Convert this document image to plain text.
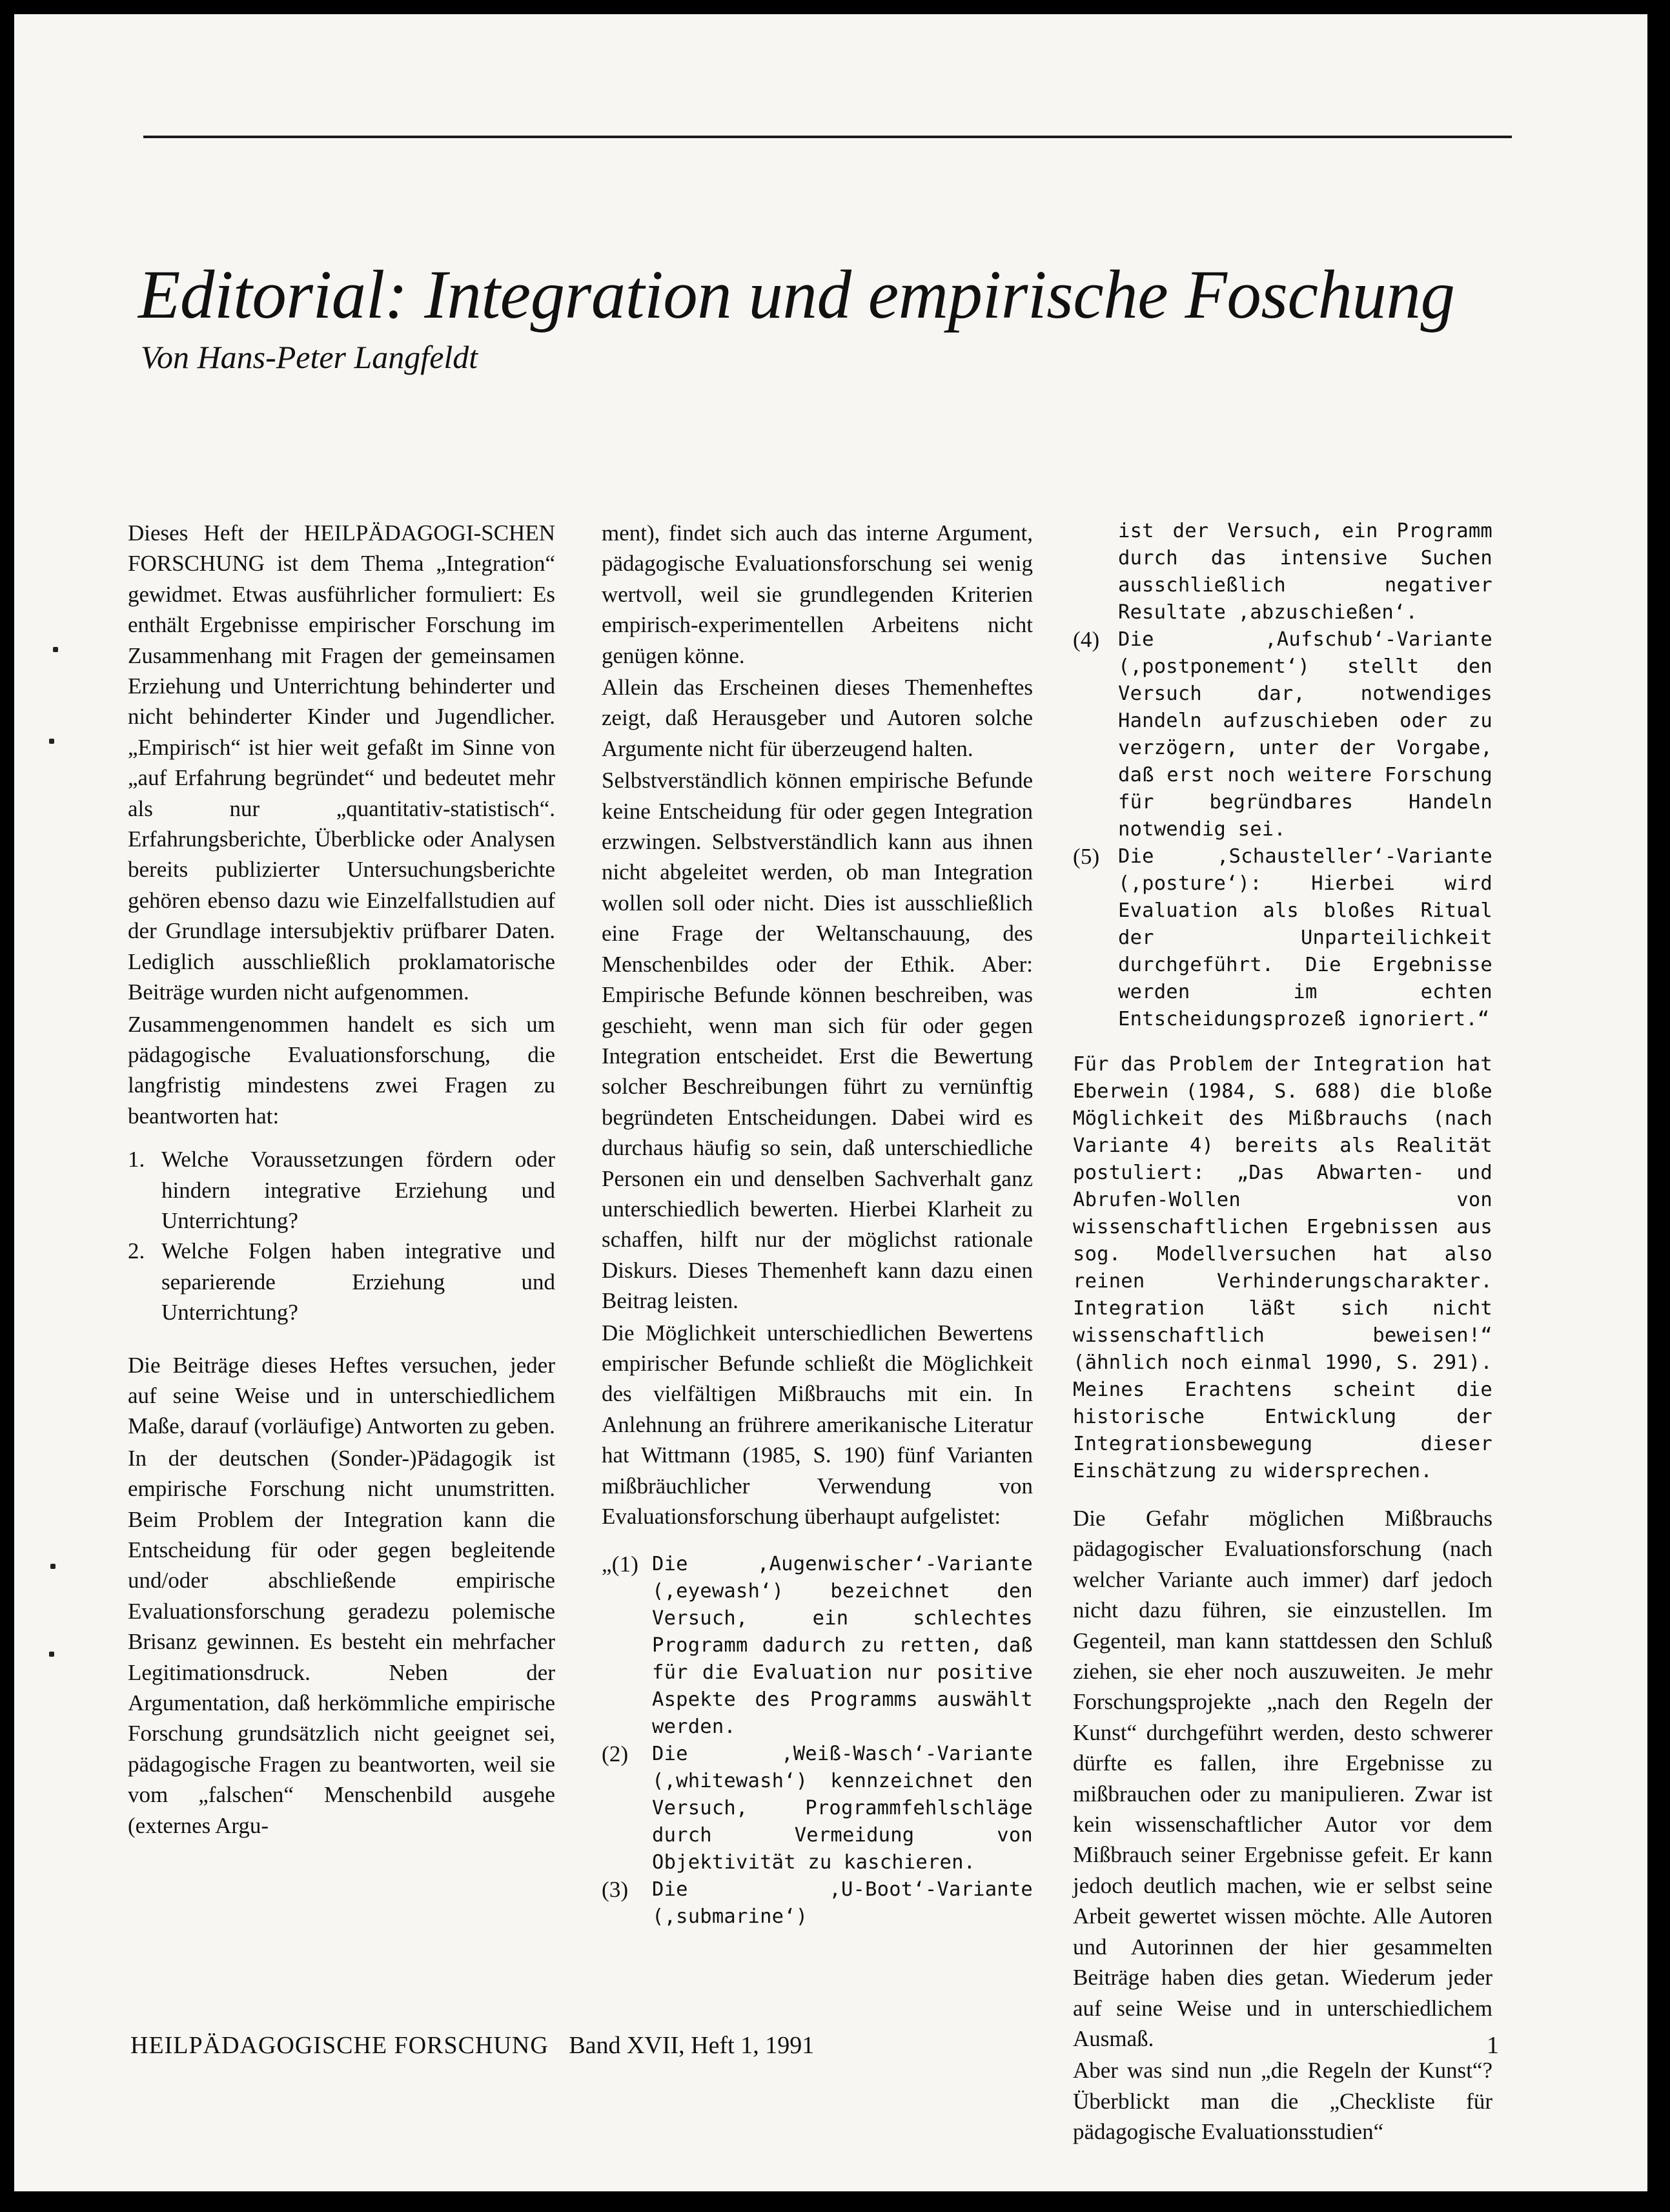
Editorial: Integration und empirische Foschung
Von Hans-Peter Langfeldt

Dieses Heft der HEILPÄDAGOGI-SCHEN FORSCHUNG ist dem Thema „Integration“ gewidmet. Etwas ausführlicher formuliert: Es enthält Ergebnisse empirischer Forschung im Zusammenhang mit Fragen der gemeinsamen Erziehung und Unterrichtung behinderter und nicht behinderter Kinder und Jugendlicher. „Empirisch“ ist hier weit gefaßt im Sinne von „auf Erfahrung begründet“ und bedeutet mehr als nur „quantitativ-statistisch“. Erfahrungsberichte, Überblicke oder Analysen bereits publizierter Untersuchungsberichte gehören ebenso dazu wie Einzelfallstudien auf der Grundlage intersubjektiv prüfbarer Daten. Lediglich ausschließlich proklamatorische Beiträge wurden nicht aufgenommen.

Zusammengenommen handelt es sich um pädagogische Evaluationsforschung, die langfristig mindestens zwei Fragen zu beantworten hat:

1. Welche Voraussetzungen fördern oder hindern integrative Erziehung und Unterrichtung?
2. Welche Folgen haben integrative und separierende Erziehung und Unterrichtung?

Die Beiträge dieses Heftes versuchen, jeder auf seine Weise und in unterschiedlichem Maße, darauf (vorläufige) Antworten zu geben.

In der deutschen (Sonder-)Pädagogik ist empirische Forschung nicht unumstritten. Beim Problem der Integration kann die Entscheidung für oder gegen begleitende und/oder abschließende empirische Evaluationsforschung geradezu polemische Brisanz gewinnen. Es besteht ein mehrfacher Legitimationsdruck. Neben der Argumentation, daß herkömmliche empirische Forschung grundsätzlich nicht geeignet sei, pädagogische Fragen zu beantworten, weil sie vom „falschen“ Menschenbild ausgehe (externes Argu-

ment), findet sich auch das interne Argument, pädagogische Evaluationsforschung sei wenig wertvoll, weil sie grundlegenden Kriterien empirisch-experimentellen Arbeitens nicht genügen könne.

Allein das Erscheinen dieses Themenheftes zeigt, daß Herausgeber und Autoren solche Argumente nicht für überzeugend halten.

Selbstverständlich können empirische Befunde keine Entscheidung für oder gegen Integration erzwingen. Selbstverständlich kann aus ihnen nicht abgeleitet werden, ob man Integration wollen soll oder nicht. Dies ist ausschließlich eine Frage der Weltanschauung, des Menschenbildes oder der Ethik. Aber: Empirische Befunde können beschreiben, was geschieht, wenn man sich für oder gegen Integration entscheidet. Erst die Bewertung solcher Beschreibungen führt zu vernünftig begründeten Entscheidungen. Dabei wird es durchaus häufig so sein, daß unterschiedliche Personen ein und denselben Sachverhalt ganz unterschiedlich bewerten. Hierbei Klarheit zu schaffen, hilft nur der möglichst rationale Diskurs. Dieses Themenheft kann dazu einen Beitrag leisten.

Die Möglichkeit unterschiedlichen Bewertens empirischer Befunde schließt die Möglichkeit des vielfältigen Mißbrauchs mit ein. In Anlehnung an frührere amerikanische Literatur hat Wittmann (1985, S. 190) fünf Varianten mißbräuchlicher Verwendung von Evaluationsforschung überhaupt aufgelistet:

„(1) Die ‚Augenwischer‘-Variante (‚eyewash‘) bezeichnet den Versuch, ein schlechtes Programm dadurch zu retten, daß für die Evaluation nur positive Aspekte des Programms auswählt werden.
(2)	Die ‚Weiß-Wasch‘-Variante (‚whitewash‘) kennzeichnet den Versuch, Programmfehlschläge durch Vermeidung von Objektivität zu kaschieren.
(3)	Die ‚U-Boot‘-Variante (‚submarine‘)

ist der Versuch, ein Programm durch das intensive Suchen ausschließlich negativer Resultate ‚abzuschießen‘.

(4) Die ‚Aufschub‘-Variante (‚postponement‘) stellt den Versuch dar, notwendiges Handeln aufzuschieben oder zu verzögern, unter der Vorgabe, daß erst noch weitere Forschung für begründbares Handeln notwendig sei.
(5) Die ‚Schausteller‘-Variante (‚posture‘): Hierbei wird Evaluation als bloßes Ritual der Unparteilichkeit durchgeführt. Die Ergebnisse werden im echten Entscheidungsprozeß ignoriert.“

Für das Problem der Integration hat Eberwein (1984, S. 688) die bloße Möglichkeit des Mißbrauchs (nach Variante 4) bereits als Realität postuliert: „Das Abwarten- und Abrufen-Wollen von wissenschaftlichen Ergebnissen aus sog. Modellversuchen hat also reinen Verhinderungscharakter. Integration läßt sich nicht wissenschaftlich beweisen!“ (ähnlich noch einmal 1990, S. 291). Meines Erachtens scheint die historische Entwicklung der Integrationsbewegung dieser Einschätzung zu widersprechen.

Die Gefahr möglichen Mißbrauchs pädagogischer Evaluationsforschung (nach welcher Variante auch immer) darf jedoch nicht dazu führen, sie einzustellen. Im Gegenteil, man kann stattdessen den Schluß ziehen, sie eher noch auszuweiten. Je mehr Forschungsprojekte „nach den Regeln der Kunst“ durchgeführt werden, desto schwerer dürfte es fallen, ihre Ergebnisse zu mißbrauchen oder zu manipulieren. Zwar ist kein wissenschaftlicher Autor vor dem Mißbrauch seiner Ergebnisse gefeit. Er kann jedoch deutlich machen, wie er selbst seine Arbeit gewertet wissen möchte. Alle Autoren und Autorinnen der hier gesammelten Beiträge haben dies getan. Wiederum jeder auf seine Weise und in unterschiedlichem Ausmaß.

Aber was sind nun „die Regeln der Kunst“? Überblickt man die „Checkliste für pädagogische Evaluationsstudien“

HEILPÄDAGOGISCHE FORSCHUNG Band XVII, Heft 1, 1991	1
